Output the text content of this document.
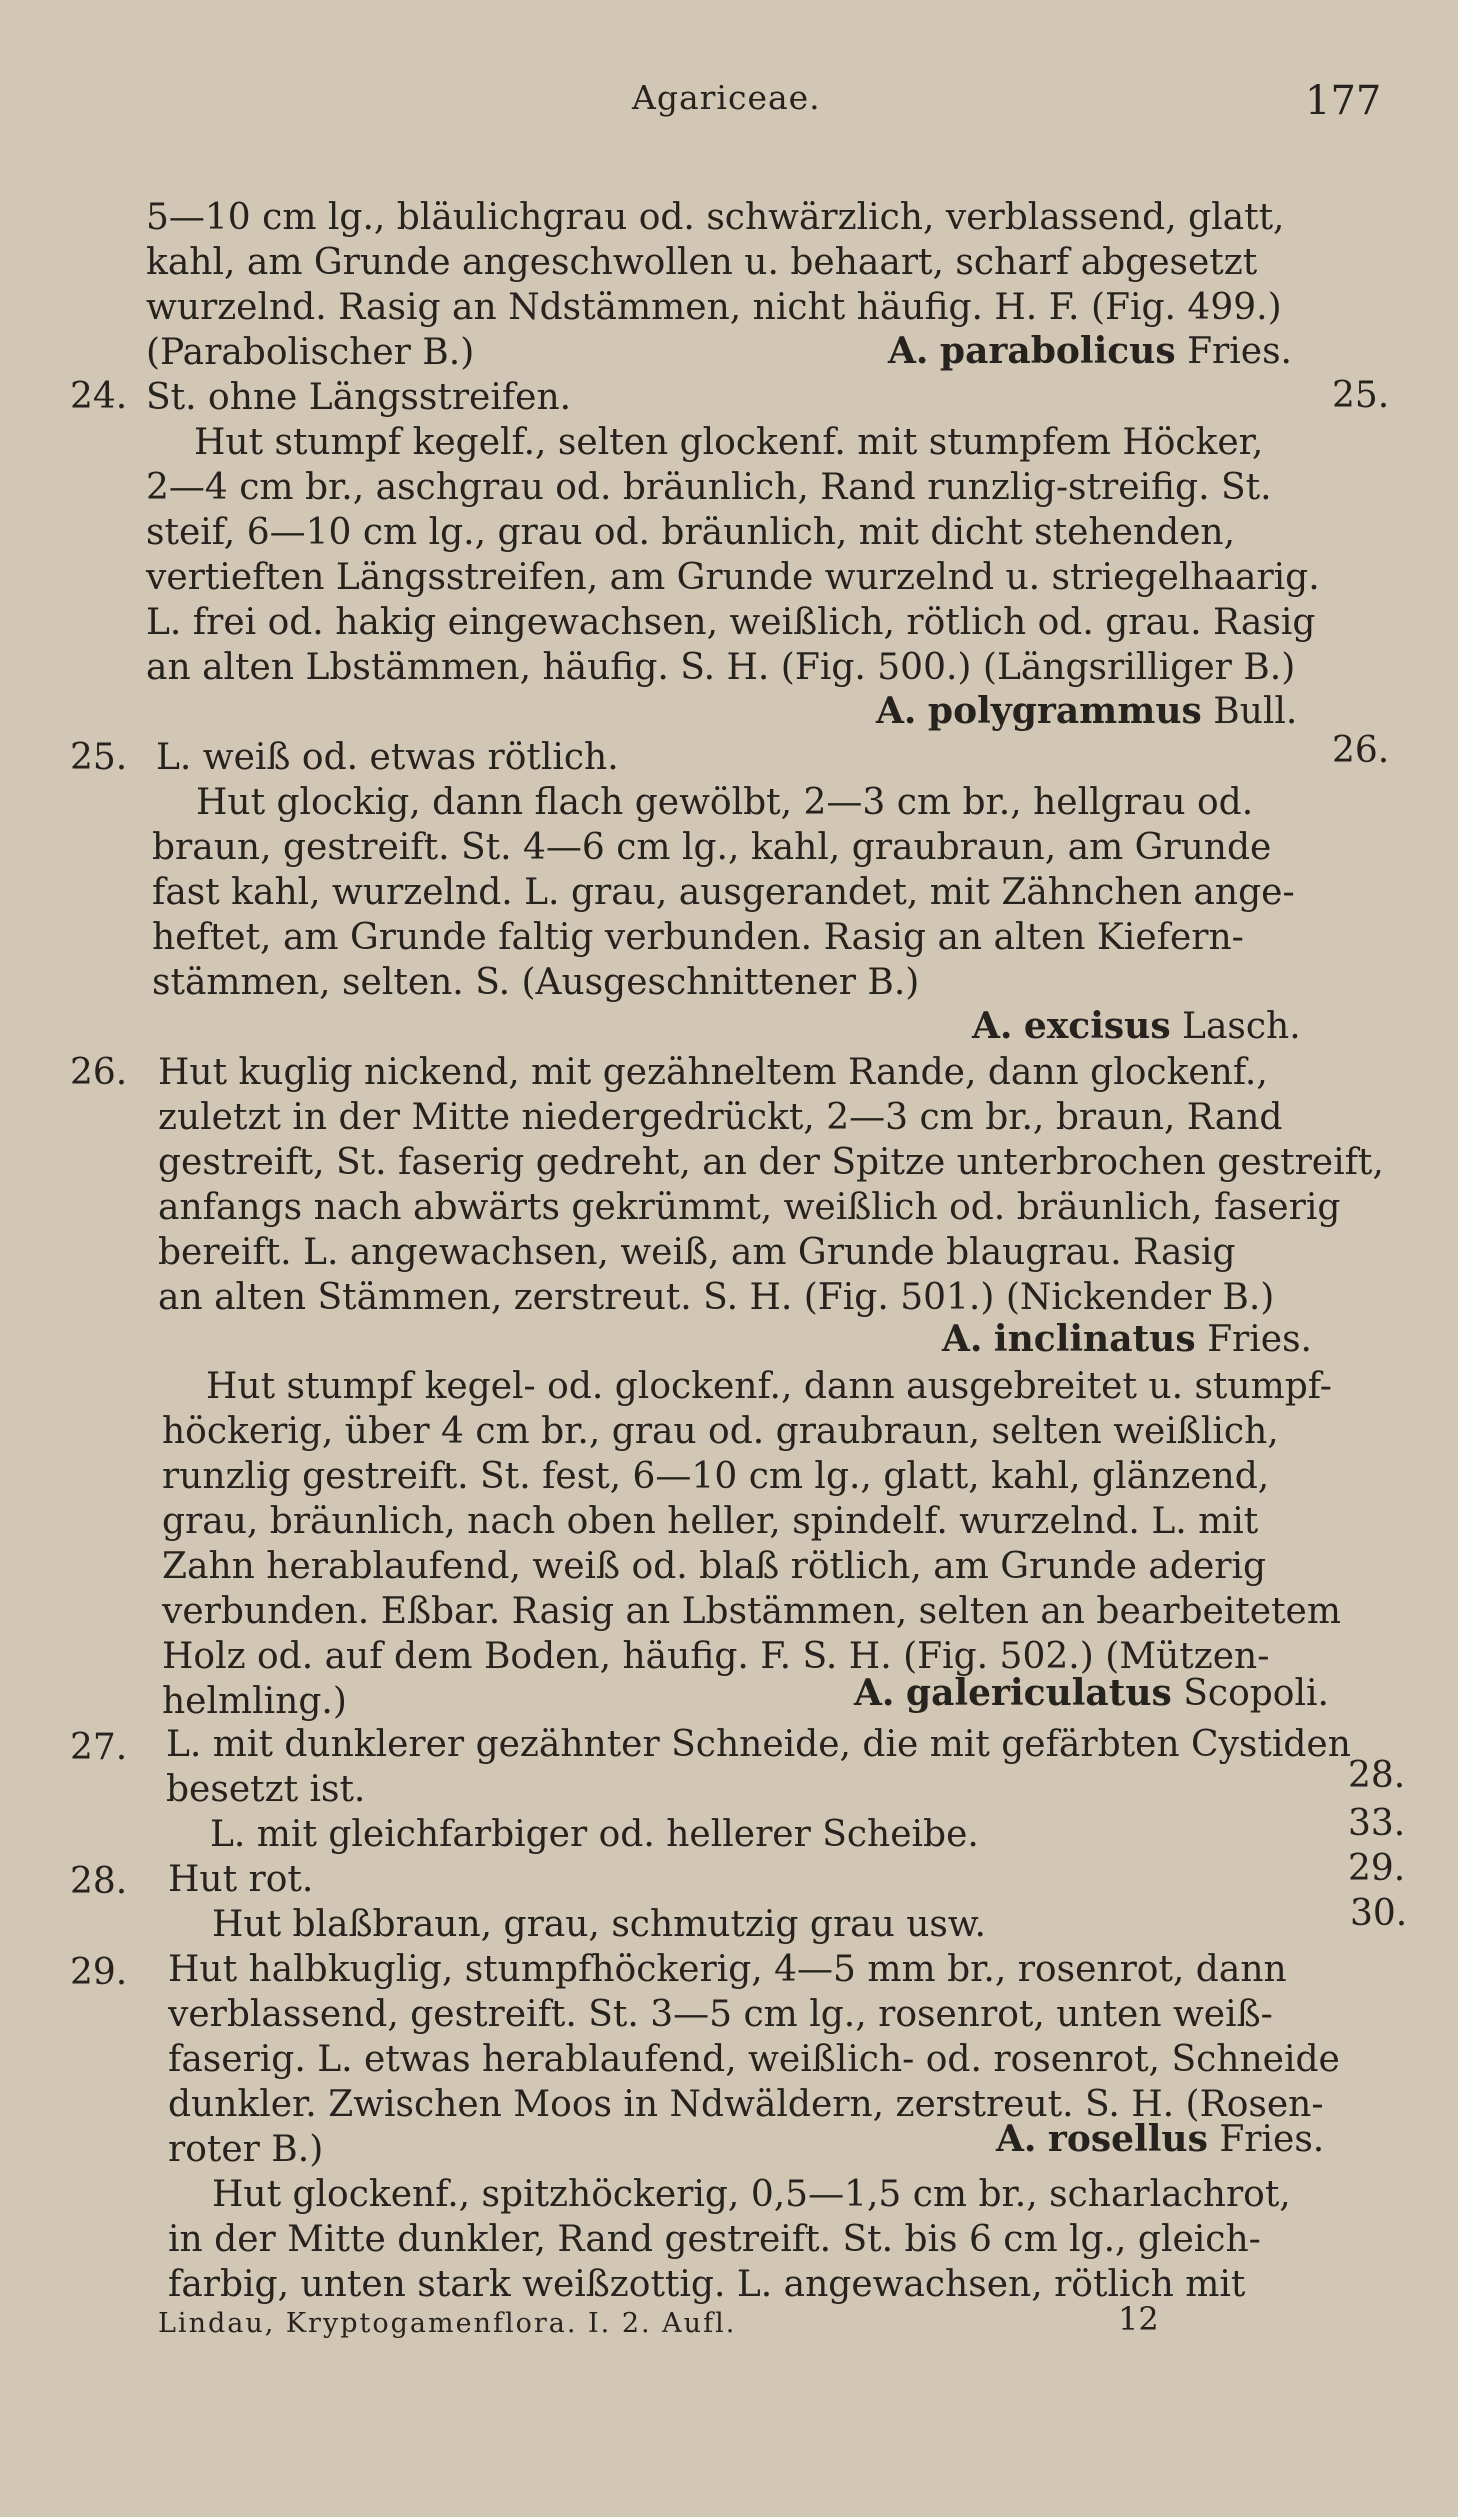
Agariceae.	177
5—10 cm lg., bläulichgrau od. schwärzlich, verblassend, glatt,
kahl, am Grunde angeschwollen u. behaart, scharf abgesetzt
wurzelnd. Rasig an Ndstämmen, nicht häufig. H. F. (Fig. 499.)
(Parabolischer B.)	A. parabolicus Fries.
24. St. ohne Längsstreifen.	25.
Hut stumpf kegelf., selten glockenf. mit stumpfem Höcker,
2—4 cm br., aschgrau od. bräunlich, Rand runzlig-streifig. St.
steif, 6—10 cm lg., grau od. bräunlich, mit dicht stehenden,
vertieften Längsstreifen, am Grunde wurzelnd u. striegelhaarig.
L. frei od. hakig eingewachsen, weißlich, rötlich od. grau. Rasig
an alten Lbstämmen, häufig. S. H. (Fig. 500.) (Längsrilliger B.)
A. polygrammus Bull.
25. L. weiß od. etwas rötlich.	26.
Hut glockig, dann flach gewölbt, 2—3 cm br., hellgrau od.
braun, gestreift. St. 4—6 cm lg., kahl, graubraun, am Grunde
fast kahl, wurzelnd. L. grau, ausgerandet, mit Zähnchen ange-
heftet, am Grunde faltig verbunden. Rasig an alten Kiefern-
stämmen, selten. S. (Ausgeschnittener B.)
A. excisus Lasch.
26. Hut kuglig nickend, mit gezähneltem Rande, dann glockenf.,
zuletzt in der Mitte niedergedrückt, 2—3 cm br., braun, Rand
gestreift, St. faserig gedreht, an der Spitze unterbrochen gestreift,
anfangs nach abwärts gekrümmt, weißlich od. bräunlich, faserig
bereift. L. angewachsen, weiß, am Grunde blaugrau. Rasig
an alten Stämmen, zerstreut. S. H. (Fig. 501.) (Nickender B.)
A. inclinatus Fries.
Hut stumpf kegel- od. glockenf., dann ausgebreitet u. stumpf-
höckerig, über 4 cm br., grau od. graubraun, selten weißlich,
runzlig gestreift. St. fest, 6—10 cm lg., glatt, kahl, glänzend,
grau, bräunlich, nach oben heller, spindelf. wurzelnd. L. mit
Zahn herablaufend, weiß od. blaß rötlich, am Grunde aderig
verbunden. Eßbar. Rasig an Lbstämmen, selten an bearbeitetem
Holz od. auf dem Boden, häufig. F. S. H. (Fig. 502.) (Mützen-
helmling.)	A. galericulatus Scopoli.
27. L. mit dunklerer gezähnter Schneide, die mit gefärbten Cystiden
besetzt ist.	28.
L. mit gleichfarbiger od. hellerer Scheibe.	33.
28. Hut rot.	29.
Hut blaßbraun, grau, schmutzig grau usw.	30.
29. Hut halbkuglig, stumpfhöckerig, 4—5 mm br., rosenrot, dann
verblassend, gestreift. St. 3—5 cm lg., rosenrot, unten weiß-
faserig. L. etwas herablaufend, weißlich- od. rosenrot, Schneide
dunkler. Zwischen Moos in Ndwäldern, zerstreut. S. H. (Rosen-
roter B.)	A. rosellus Fries.
Hut glockenf., spitzhöckerig, 0,5—1,5 cm br., scharlachrot,
in der Mitte dunkler, Rand gestreift. St. bis 6 cm lg., gleich-
farbig, unten stark weißzottig. L. angewachsen, rötlich mit
Lindau, Kryptogamenflora. I. 2. Aufl.	12
